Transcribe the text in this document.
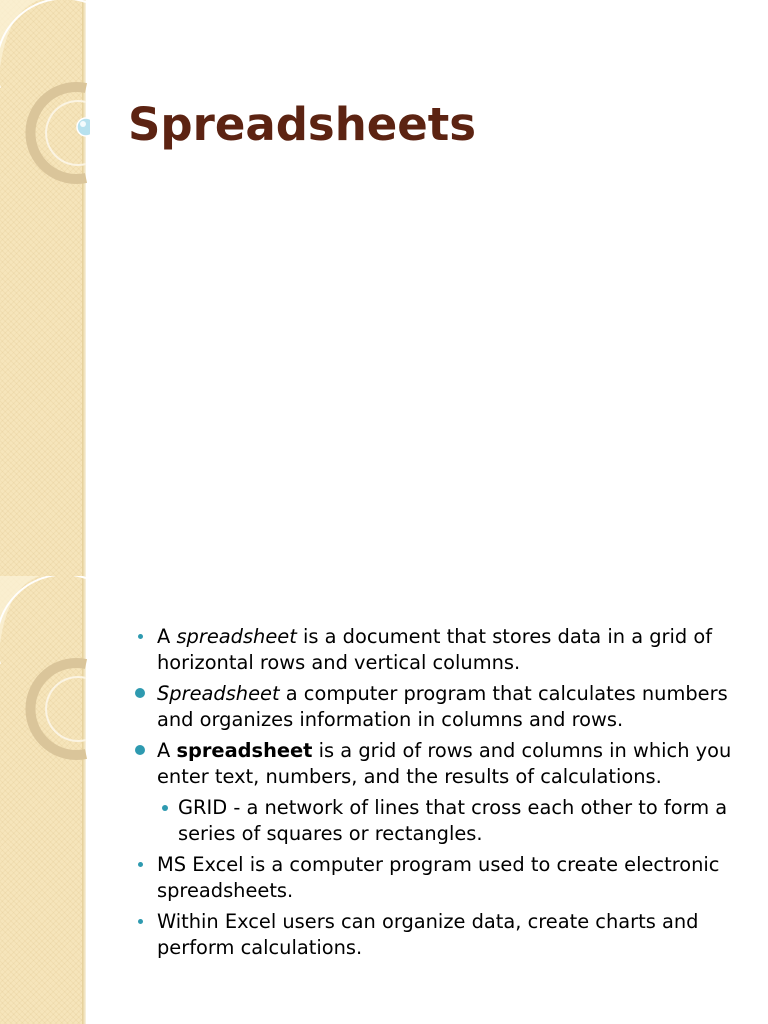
Spreadsheets
A spreadsheet is a document that stores data in a grid of horizontal rows and vertical columns.
Spreadsheet a computer program that calculates numbers and organizes information in columns and rows.
A spreadsheet is a grid of rows and columns in which you enter text, numbers, and the results of calculations.
GRID - a network of lines that cross each other to form a series of squares or rectangles.
MS Excel is a computer program used to create electronic spreadsheets.
Within Excel users can organize data, create charts and perform calculations.
